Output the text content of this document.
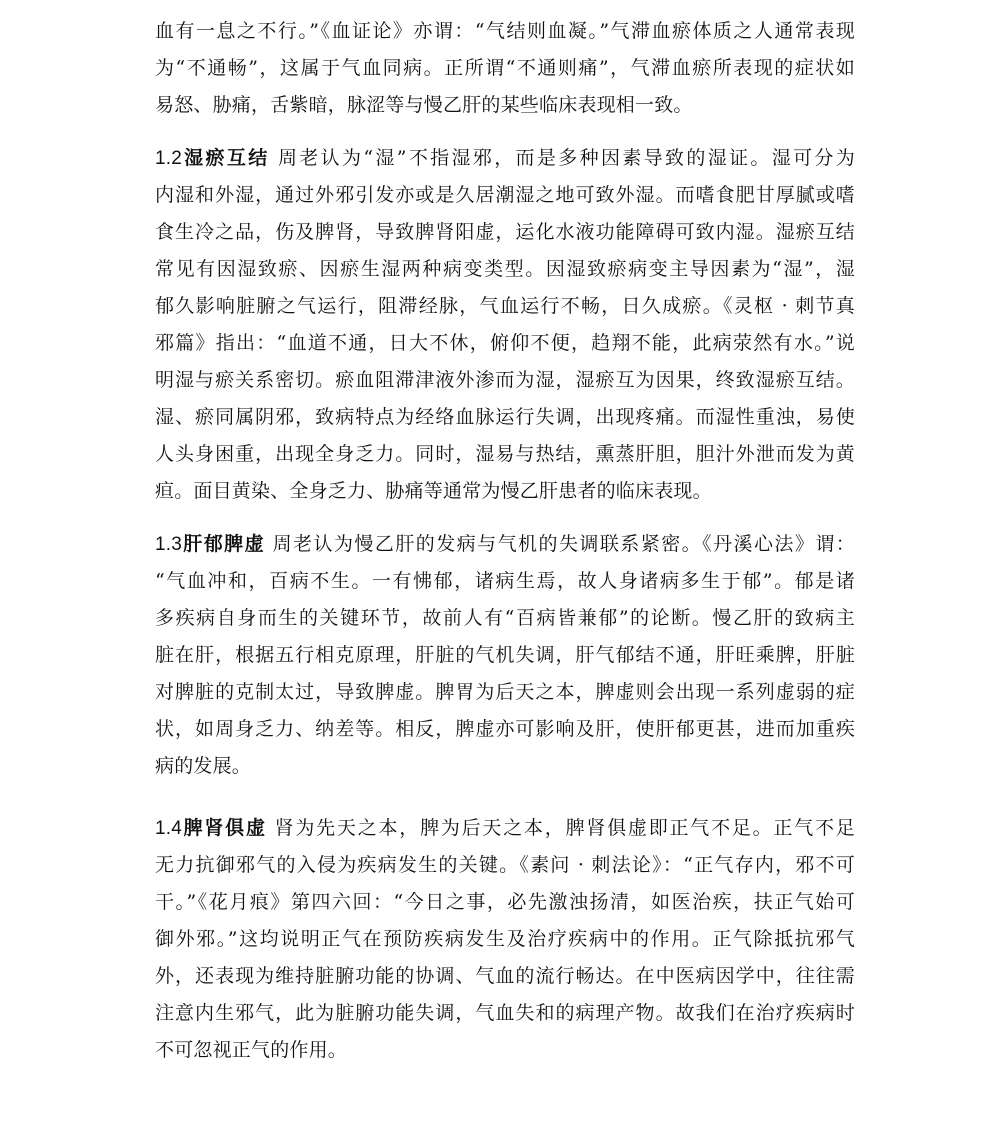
血有一息之不行。”《血证论》亦谓：“气结则血凝。”气滞血瘀体质之人通常表现
为“不通畅”，这属于气血同病。正所谓“不通则痛”，气滞血瘀所表现的症状如
易怒、胁痛，舌紫暗，脉涩等与慢乙肝的某些临床表现相一致。
1.2湿瘀互结 周老认为“湿”不指湿邪，而是多种因素导致的湿证。湿可分为
内湿和外湿，通过外邪引发亦或是久居潮湿之地可致外湿。而嗜食肥甘厚腻或嗜
食生冷之品，伤及脾肾，导致脾肾阳虚，运化水液功能障碍可致内湿。湿瘀互结
常见有因湿致瘀、因瘀生湿两种病变类型。因湿致瘀病变主导因素为“湿”，湿
郁久影响脏腑之气运行，阻滞经脉，气血运行不畅，日久成瘀。《灵枢 · 刺节真
邪篇》指出：“血道不通，日大不休，俯仰不便，趋翔不能，此病荥然有水。”说
明湿与瘀关系密切。瘀血阻滞津液外渗而为湿，湿瘀互为因果，终致湿瘀互结。
湿、瘀同属阴邪，致病特点为经络血脉运行失调，出现疼痛。而湿性重浊，易使
人头身困重，出现全身乏力。同时，湿易与热结，熏蒸肝胆，胆汁外泄而发为黄
疸。面目黄染、全身乏力、胁痛等通常为慢乙肝患者的临床表现。
1.3肝郁脾虚 周老认为慢乙肝的发病与气机的失调联系紧密。《丹溪心法》谓：
“气血冲和，百病不生。一有怫郁，诸病生焉，故人身诸病多生于郁”。郁是诸
多疾病自身而生的关键环节，故前人有“百病皆兼郁”的论断。慢乙肝的致病主
脏在肝，根据五行相克原理，肝脏的气机失调，肝气郁结不通，肝旺乘脾，肝脏
对脾脏的克制太过，导致脾虚。脾胃为后天之本，脾虚则会出现一系列虚弱的症
状，如周身乏力、纳差等。相反，脾虚亦可影响及肝，使肝郁更甚，进而加重疾
病的发展。
1.4脾肾俱虚 肾为先天之本，脾为后天之本，脾肾俱虚即正气不足。正气不足
无力抗御邪气的入侵为疾病发生的关键。《素问 · 刺法论》：“正气存内，邪不可
干。”《花月痕》第四六回：“今日之事，必先激浊扬清，如医治疾，扶正气始可
御外邪。”这均说明正气在预防疾病发生及治疗疾病中的作用。正气除抵抗邪气
外，还表现为维持脏腑功能的协调、气血的流行畅达。在中医病因学中，往往需
注意内生邪气，此为脏腑功能失调，气血失和的病理产物。故我们在治疗疾病时
不可忽视正气的作用。
